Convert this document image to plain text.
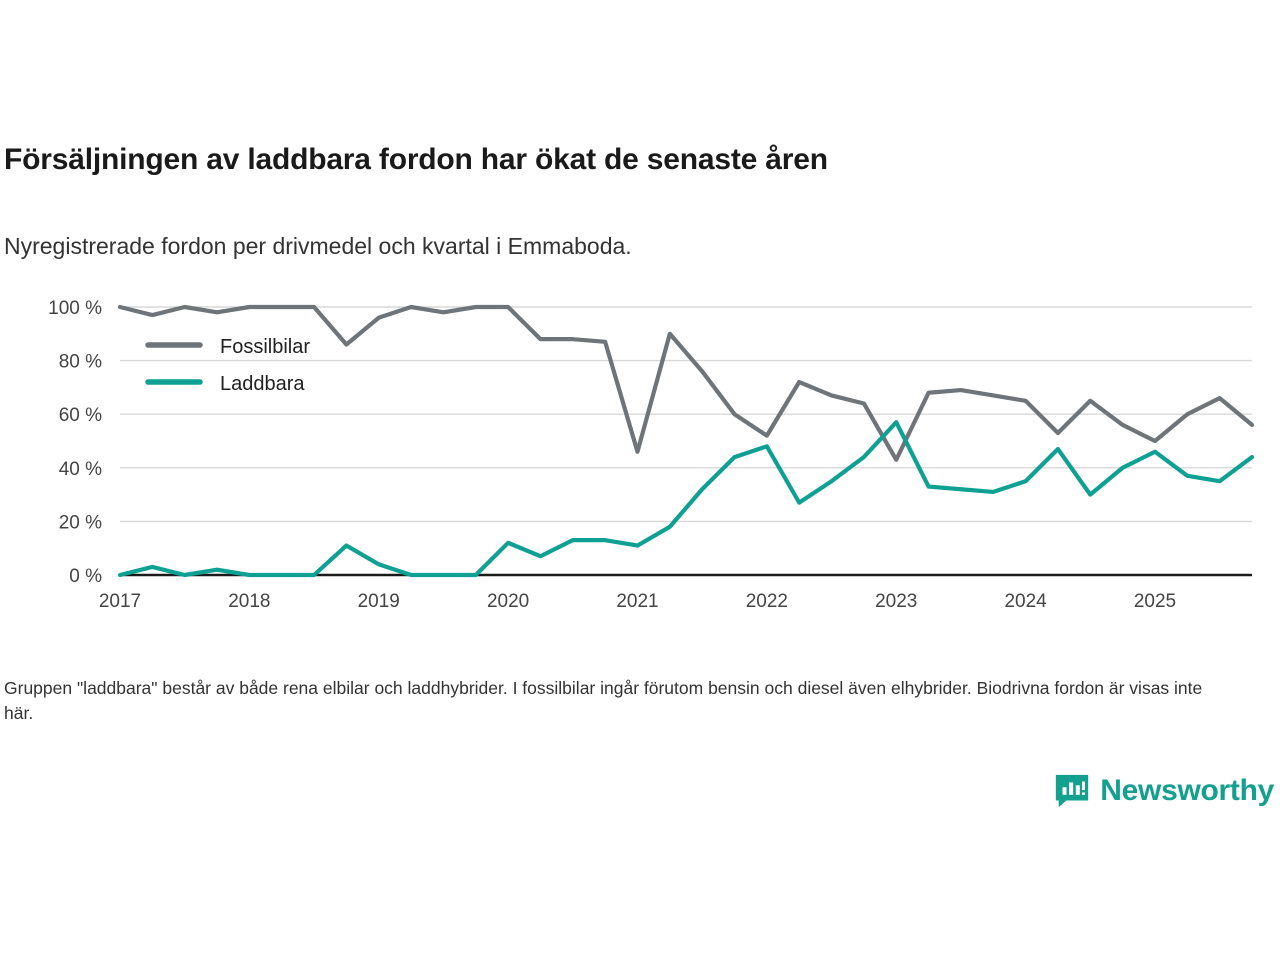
Försäljningen av laddbara fordon har ökat de senaste åren
Nyregistrerade fordon per drivmedel och kvartal i Emmaboda.
0 %
20 %
40 %
60 %
80 %
100 %
2017	2018	2019	2020	2021	2022	2023	2024	2025
Fossilbilar
Laddbara
Gruppen "laddbara" består av både rena elbilar och laddhybrider. I fossilbilar ingår förutom bensin och diesel även elhybrider. Biodrivna fordon är visas inte här.
Newsworthy
